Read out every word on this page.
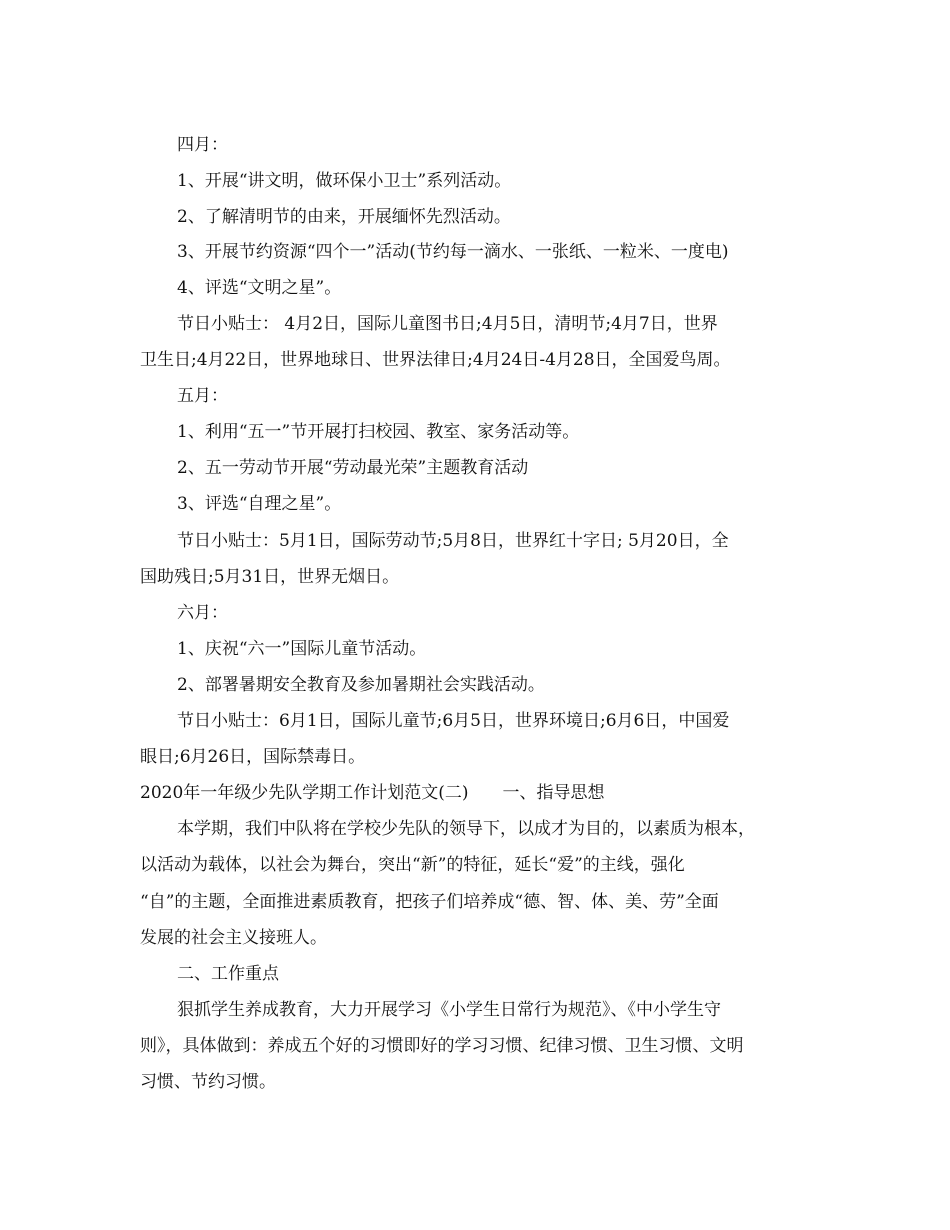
四月：
1、开展“讲文明，做环保小卫士”系列活动。
2、了解清明节的由来，开展缅怀先烈活动。
3、开展节约资源“四个一”活动(节约每一滴水、一张纸、一粒米、一度电)
4、评选“文明之星”。
节日小贴士： 4月2日，国际儿童图书日;4月5日，清明节;4月7日，世界
卫生日;4月22日，世界地球日、世界法律日;4月24日-4月28日，全国爱鸟周。
五月：
1、利用“五一”节开展打扫校园、教室、家务活动等。
2、五一劳动节开展“劳动最光荣”主题教育活动
3、评选“自理之星”。
节日小贴士：5月1日，国际劳动节;5月8日，世界红十字日; 5月20日，全
国助残日;5月31日，世界无烟日。
六月：
1、庆祝“六一”国际儿童节活动。
2、部署暑期安全教育及参加暑期社会实践活动。
节日小贴士：6月1日，国际儿童节;6月5日，世界环境日;6月6日，中国爱
眼日;6月26日，国际禁毒日。
2020年一年级少先队学期工作计划范文(二)　　一、指导思想
本学期，我们中队将在学校少先队的领导下，以成才为目的，以素质为根本，
以活动为载体，以社会为舞台，突出“新”的特征，延长“爱”的主线，强化
“自”的主题，全面推进素质教育，把孩子们培养成“德、智、体、美、劳”全面
发展的社会主义接班人。
二、工作重点
狠抓学生养成教育，大力开展学习《小学生日常行为规范》、《中小学生守
则》，具体做到：养成五个好的习惯即好的学习习惯、纪律习惯、卫生习惯、文明
习惯、节约习惯。
